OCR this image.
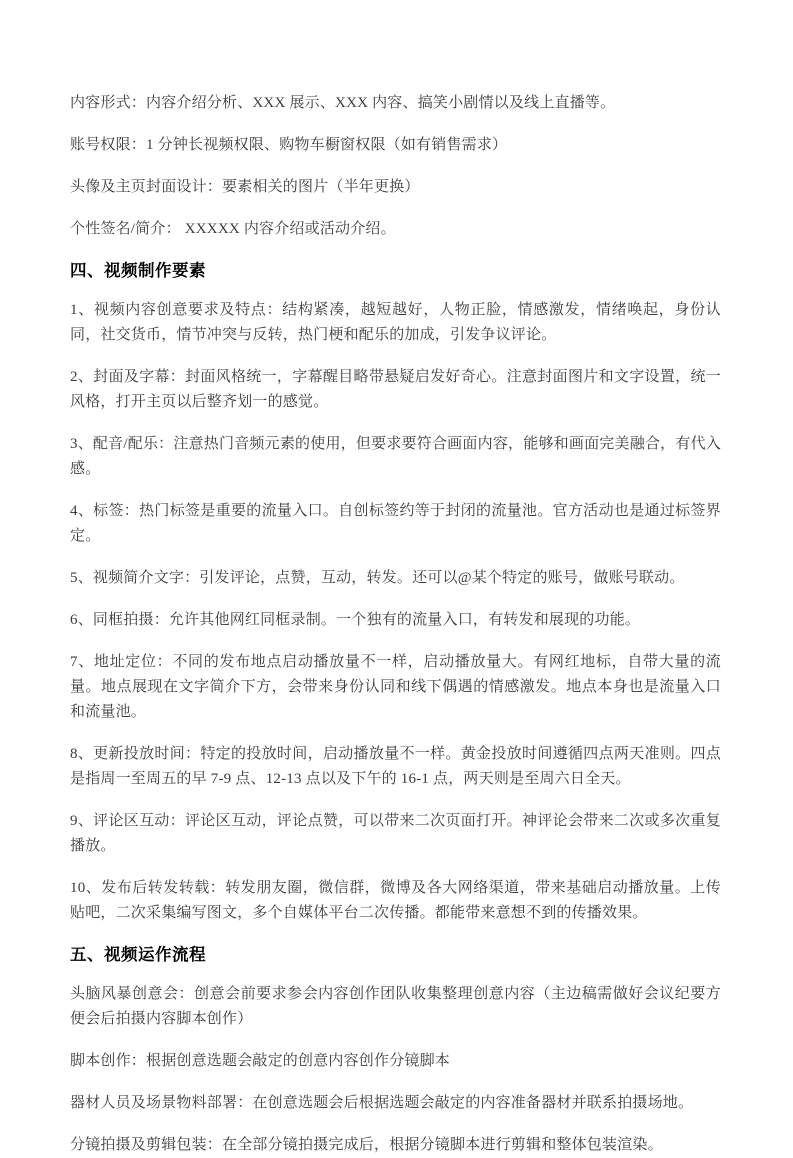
内容形式：内容介绍分析、XXX 展示、XXX 内容、搞笑小剧情以及线上直播等。

账号权限：1 分钟长视频权限、购物车橱窗权限（如有销售需求）

头像及主页封面设计：要素相关的图片（半年更换）

个性签名/简介： XXXXX 内容介绍或活动介绍。

四、视频制作要素

1、视频内容创意要求及特点：结构紧凑，越短越好，人物正脸，情感激发，情绪唤起，身份认同，社交货币，情节冲突与反转，热门梗和配乐的加成，引发争议评论。

2、封面及字幕：封面风格统一，字幕醒目略带悬疑启发好奇心。注意封面图片和文字设置，统一风格，打开主页以后整齐划一的感觉。

3、配音/配乐：注意热门音频元素的使用，但要求要符合画面内容，能够和画面完美融合，有代入感。

4、标签：热门标签是重要的流量入口。自创标签约等于封闭的流量池。官方活动也是通过标签界定。

5、视频简介文字：引发评论，点赞，互动，转发。还可以@某个特定的账号，做账号联动。

6、同框拍摄：允许其他网红同框录制。一个独有的流量入口，有转发和展现的功能。

7、地址定位：不同的发布地点启动播放量不一样，启动播放量大。有网红地标，自带大量的流量。地点展现在文字简介下方，会带来身份认同和线下偶遇的情感激发。地点本身也是流量入口和流量池。

8、更新投放时间：特定的投放时间，启动播放量不一样。黄金投放时间遵循四点两天准则。四点是指周一至周五的早 7-9 点、12-13 点以及下午的 16-1 点，两天则是至周六日全天。

9、评论区互动：评论区互动，评论点赞，可以带来二次页面打开。神评论会带来二次或多次重复播放。

10、发布后转发转载：转发朋友圈，微信群，微博及各大网络渠道，带来基础启动播放量。上传贴吧，二次采集编写图文，多个自媒体平台二次传播。都能带来意想不到的传播效果。

五、视频运作流程

头脑风暴创意会：创意会前要求参会内容创作团队收集整理创意内容（主边稿需做好会议纪要方便会后拍摄内容脚本创作）

脚本创作：根据创意选题会敲定的创意内容创作分镜脚本

器材人员及场景物料部署：在创意选题会后根据选题会敲定的内容准备器材并联系拍摄场地。

分镜拍摄及剪辑包装：在全部分镜拍摄完成后，根据分镜脚本进行剪辑和整体包装渲染。
